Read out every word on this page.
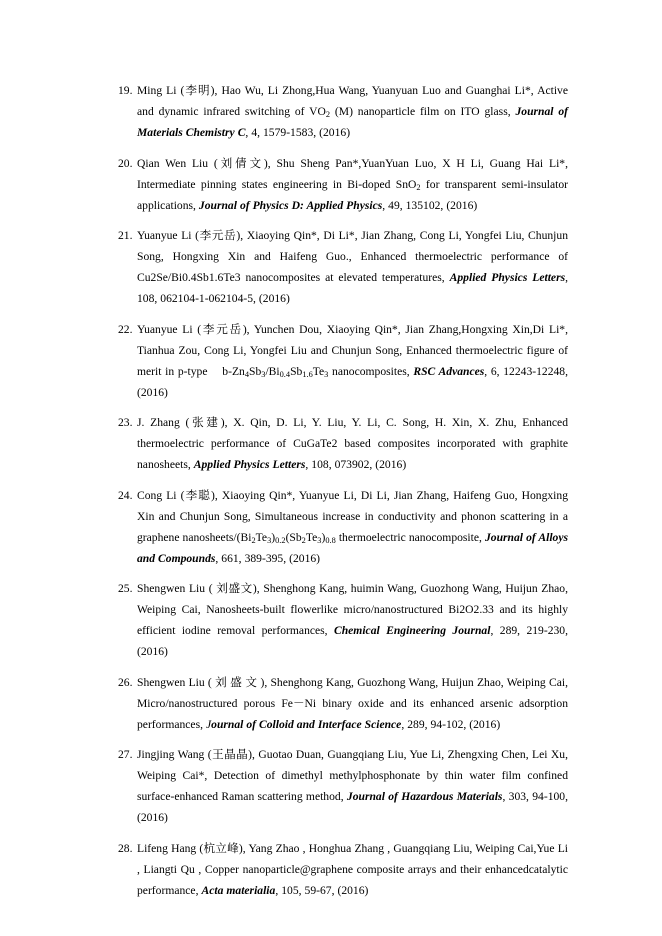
19. Ming Li (李明), Hao Wu, Li Zhong,Hua Wang, Yuanyuan Luo and Guanghai Li*, Active and dynamic infrared switching of $VO_2$ (M) nanoparticle film on ITO glass, Journal of Materials Chemistry C, 4, 1579-1583, (2016)
20. Qian Wen Liu (刘倩文), Shu Sheng Pan*,YuanYuan Luo, X H Li, Guang Hai Li*, Intermediate pinning states engineering in Bi-doped SnO$_2$ for transparent semi-insulator applications, Journal of Physics D: Applied Physics, 49, 135102, (2016)
21. Yuanyue Li (李元岳), Xiaoying Qin*, Di Li*, Jian Zhang, Cong Li, Yongfei Liu, Chunjun Song, Hongxing Xin and Haifeng Guo., Enhanced thermoelectric performance of Cu2Se/Bi0.4Sb1.6Te3 nanocomposites at elevated temperatures, Applied Physics Letters, 108, 062104-1-062104-5, (2016)
22. Yuanyue Li (李元岳), Yunchen Dou, Xiaoying Qin*, Jian Zhang,Hongxing Xin,Di Li*, Tianhua Zou, Cong Li, Yongfei Liu and Chunjun Song, Enhanced thermoelectric figure of merit in p-type $b-Zn_4Sb_3/Bi_{0.4}Sb_{1.6}Te_3$ nanocomposites, RSC Advances, 6, 12243-12248, (2016)
23. J. Zhang (张建), X. Qin, D. Li, Y. Liu, Y. Li, C. Song, H. Xin, X. Zhu, Enhanced thermoelectric performance of CuGaTe2 based composites incorporated with graphite nanosheets, Applied Physics Letters, 108, 073902, (2016)
24. Cong Li (李聪), Xiaoying Qin*, Yuanyue Li, Di Li, Jian Zhang, Haifeng Guo, Hongxing Xin and Chunjun Song, Simultaneous increase in conductivity and phonon scattering in a graphene nanosheets/$(Bi_2Te_3)_{0.2}(Sb_2Te_3)_{0.8}$ thermoelectric nanocomposite, Journal of Alloys and Compounds, 661, 389-395, (2016)
25. Shengwen Liu ( 刘盛文), Shenghong Kang, huimin Wang, Guozhong Wang, Huijun Zhao, Weiping Cai, Nanosheets-built flowerlike micro/nanostructured Bi2O2.33 and its highly efficient iodine removal performances, Chemical Engineering Journal, 289, 219-230, (2016)
26. Shengwen Liu ( 刘 盛 文 ), Shenghong Kang, Guozhong Wang, Huijun Zhao, Weiping Cai, Micro/nanostructured porous Fe－Ni binary oxide and its enhanced arsenic adsorption performances, Journal of Colloid and Interface Science, 289, 94-102, (2016)
27. Jingjing Wang (王晶晶), Guotao Duan, Guangqiang Liu, Yue Li, Zhengxing Chen, Lei Xu, Weiping Cai*, Detection of dimethyl methylphosphonate by thin water film confined surface-enhanced Raman scattering method, Journal of Hazardous Materials, 303, 94-100, (2016)
28. Lifeng Hang (杭立峰), Yang Zhao , Honghua Zhang , Guangqiang Liu, Weiping Cai,Yue Li , Liangti Qu , Copper nanoparticle@graphene composite arrays and their enhancedcatalytic performance, Acta materialia, 105, 59-67, (2016)
